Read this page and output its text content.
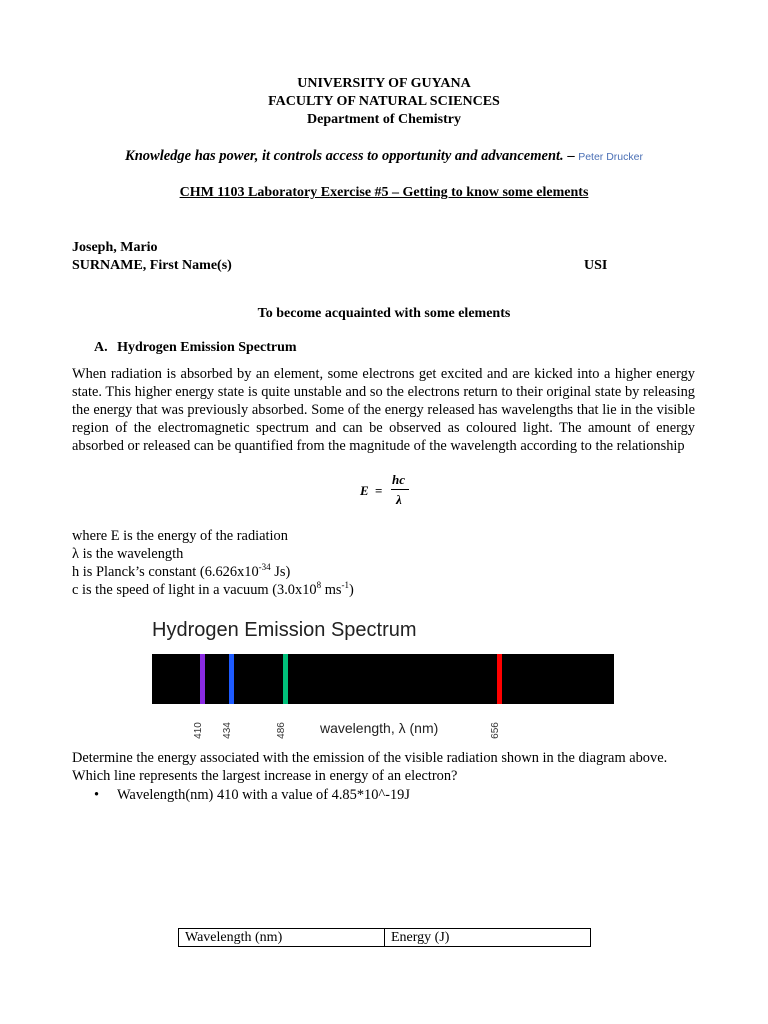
UNIVERSITY OF GUYANA
FACULTY OF NATURAL SCIENCES
Department of Chemistry
Knowledge has power, it controls access to opportunity and advancement. – Peter Drucker
CHM 1103 Laboratory Exercise #5 – Getting to know some elements
Joseph, Mario
SURNAME, First Name(s)	USI
To become acquainted with some elements
A. Hydrogen Emission Spectrum
When radiation is absorbed by an element, some electrons get excited and are kicked into a higher energy state. This higher energy state is quite unstable and so the electrons return to their original state by releasing the energy that was previously absorbed. Some of the energy released has wavelengths that lie in the visible region of the electromagnetic spectrum and can be observed as coloured light. The amount of energy absorbed or released can be quantified from the magnitude of the wavelength according to the relationship
E =
hc
λ
where E is the energy of the radiation
λ is the wavelength
h is Planck’s constant ($6.626x10^{-34}$ Js)
c is the speed of light in a vacuum ($3.0x10^8$ $ms^{-1}$)
Hydrogen Emission Spectrum
wavelength, λ (nm)
410 434	486	656
Determine the energy associated with the emission of the visible radiation shown in the diagram above.
Which line represents the largest increase in energy of an electron?
• Wavelength(nm) 410 with a value of 4.85*10^-19J
Wavelength (nm)	Energy (J)
